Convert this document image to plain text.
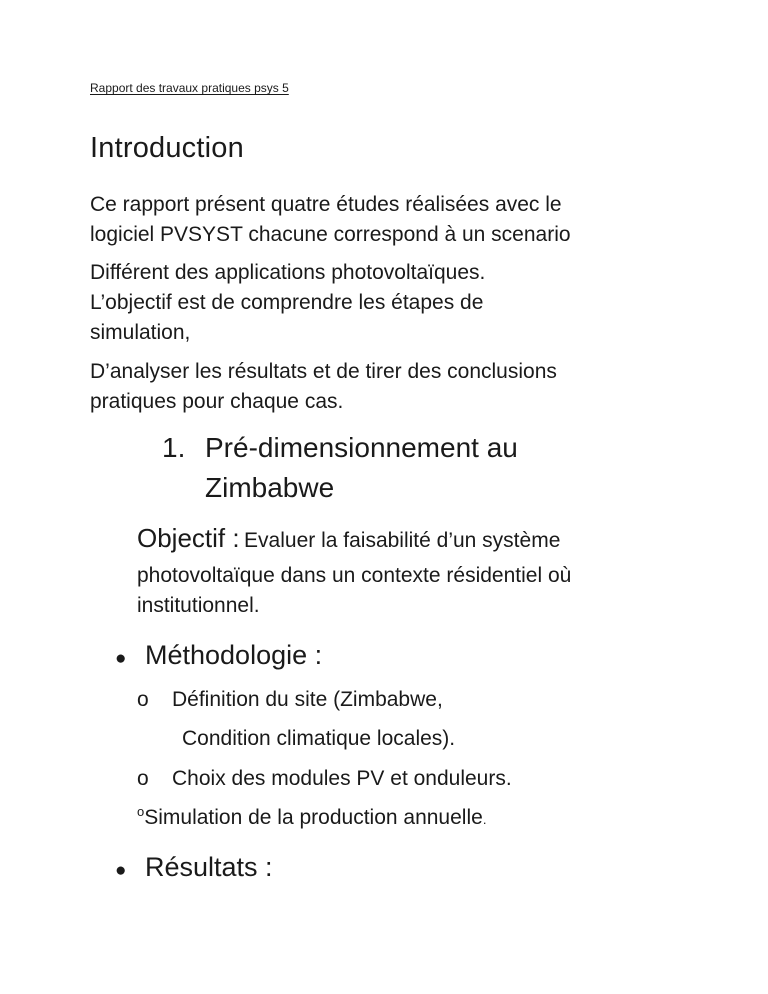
Rapport des travaux pratiques psys 5
Introduction
Ce rapport présent quatre études réalisées avec le
logiciel PVSYST chacune correspond à un scenario
Différent des applications photovoltaïques.
L’objectif est de comprendre les étapes de
simulation,
D’analyser les résultats et de tirer des conclusions
pratiques pour chaque cas.
1. Pré-dimensionnement au
Zimbabwe
Objectif : Evaluer la faisabilité d’un système
photovoltaïque dans un contexte résidentiel où
institutionnel.
● Méthodologie :
o	Définition du site (Zimbabwe,
Condition climatique locales).
o	Choix des modules PV et onduleurs.
$^o$Simulation de la production annuelle.
● Résultats :
